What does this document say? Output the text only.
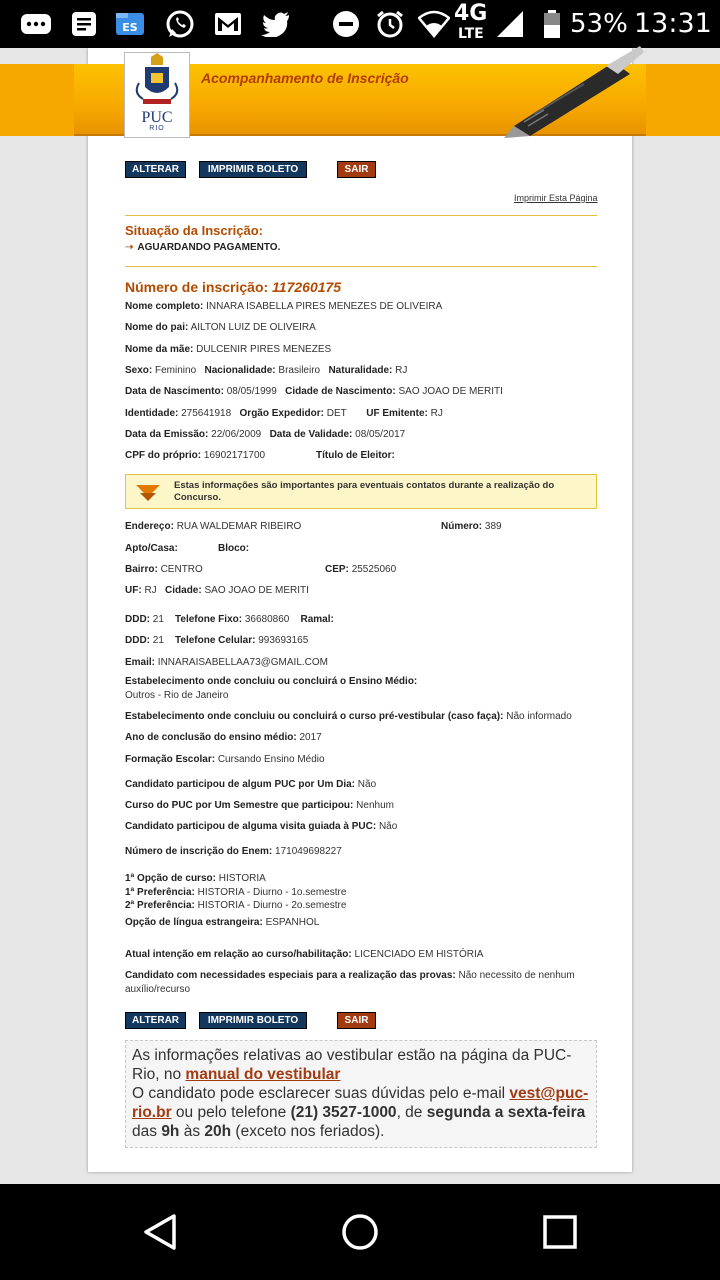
ES
4G
LTE	53% 13:31
PUC
RIO
Acompanhamento de Inscrição
ALTERAR	IMPRIMIR BOLETO	SAIR
Imprimir Esta Página
Situação da Inscrição:
➝ AGUARDANDO PAGAMENTO.
Número de inscrição: 117260175
Nome completo: INNARA ISABELLA PIRES MENEZES DE OLIVEIRA
Nome do pai: AILTON LUIZ DE OLIVEIRA
Nome da mãe: DULCENIR PIRES MENEZES
Sexo: Feminino Nacionalidade: Brasileiro Naturalidade: RJ
Data de Nascimento: 08/05/1999 Cidade de Nascimento: SAO JOAO DE MERITI
Identidade: 275641918 Orgão Expedidor: DET UF Emitente: RJ
Data da Emissão: 22/06/2009 Data de Validade: 08/05/2017
CPF do próprio: 16902171700	Título de Eleitor:
Estas informações são importantes para eventuais contatos durante a realização do Concurso.
Endereço: RUA WALDEMAR RIBEIRO	Número: 389
Apto/Casa:	Bloco:
Bairro: CENTRO	CEP: 25525060
UF: RJ Cidade: SAO JOAO DE MERITI
DDD: 21 Telefone Fixo: 36680860 Ramal:
DDD: 21 Telefone Celular: 993693165
Email: INNARAISABELLAA73@GMAIL.COM
Estabelecimento onde concluiu ou concluirá o Ensino Médio:
Outros - Rio de Janeiro
Estabelecimento onde concluiu ou concluirá o curso pré-vestibular (caso faça): Não informado
Ano de conclusão do ensino médio: 2017
Formação Escolar: Cursando Ensino Médio
Candidato participou de algum PUC por Um Dia: Não
Curso do PUC por Um Semestre que participou: Nenhum
Candidato participou de alguma visita guiada à PUC: Não
Número de inscrição do Enem: 171049698227
1ª Opção de curso: HISTORIA
1ª Preferência: HISTORIA - Diurno - 1o.semestre
2ª Preferência: HISTORIA - Diurno - 2o.semestre
Opção de língua estrangeira: ESPANHOL
Atual intenção em relação ao curso/habilitação: LICENCIADO EM HISTÓRIA
Candidato com necessidades especiais para a realização das provas: Não necessito de nenhum
auxílio/recurso
ALTERAR	IMPRIMIR BOLETO	SAIR
As informações relativas ao vestibular estão na página da PUC-Rio, no manual do vestibular
O candidato pode esclarecer suas dúvidas pelo e-mail vest@puc-rio.br ou pelo telefone (21) 3527-1000, de segunda a sexta-feira das 9h às 20h (exceto nos feriados).
